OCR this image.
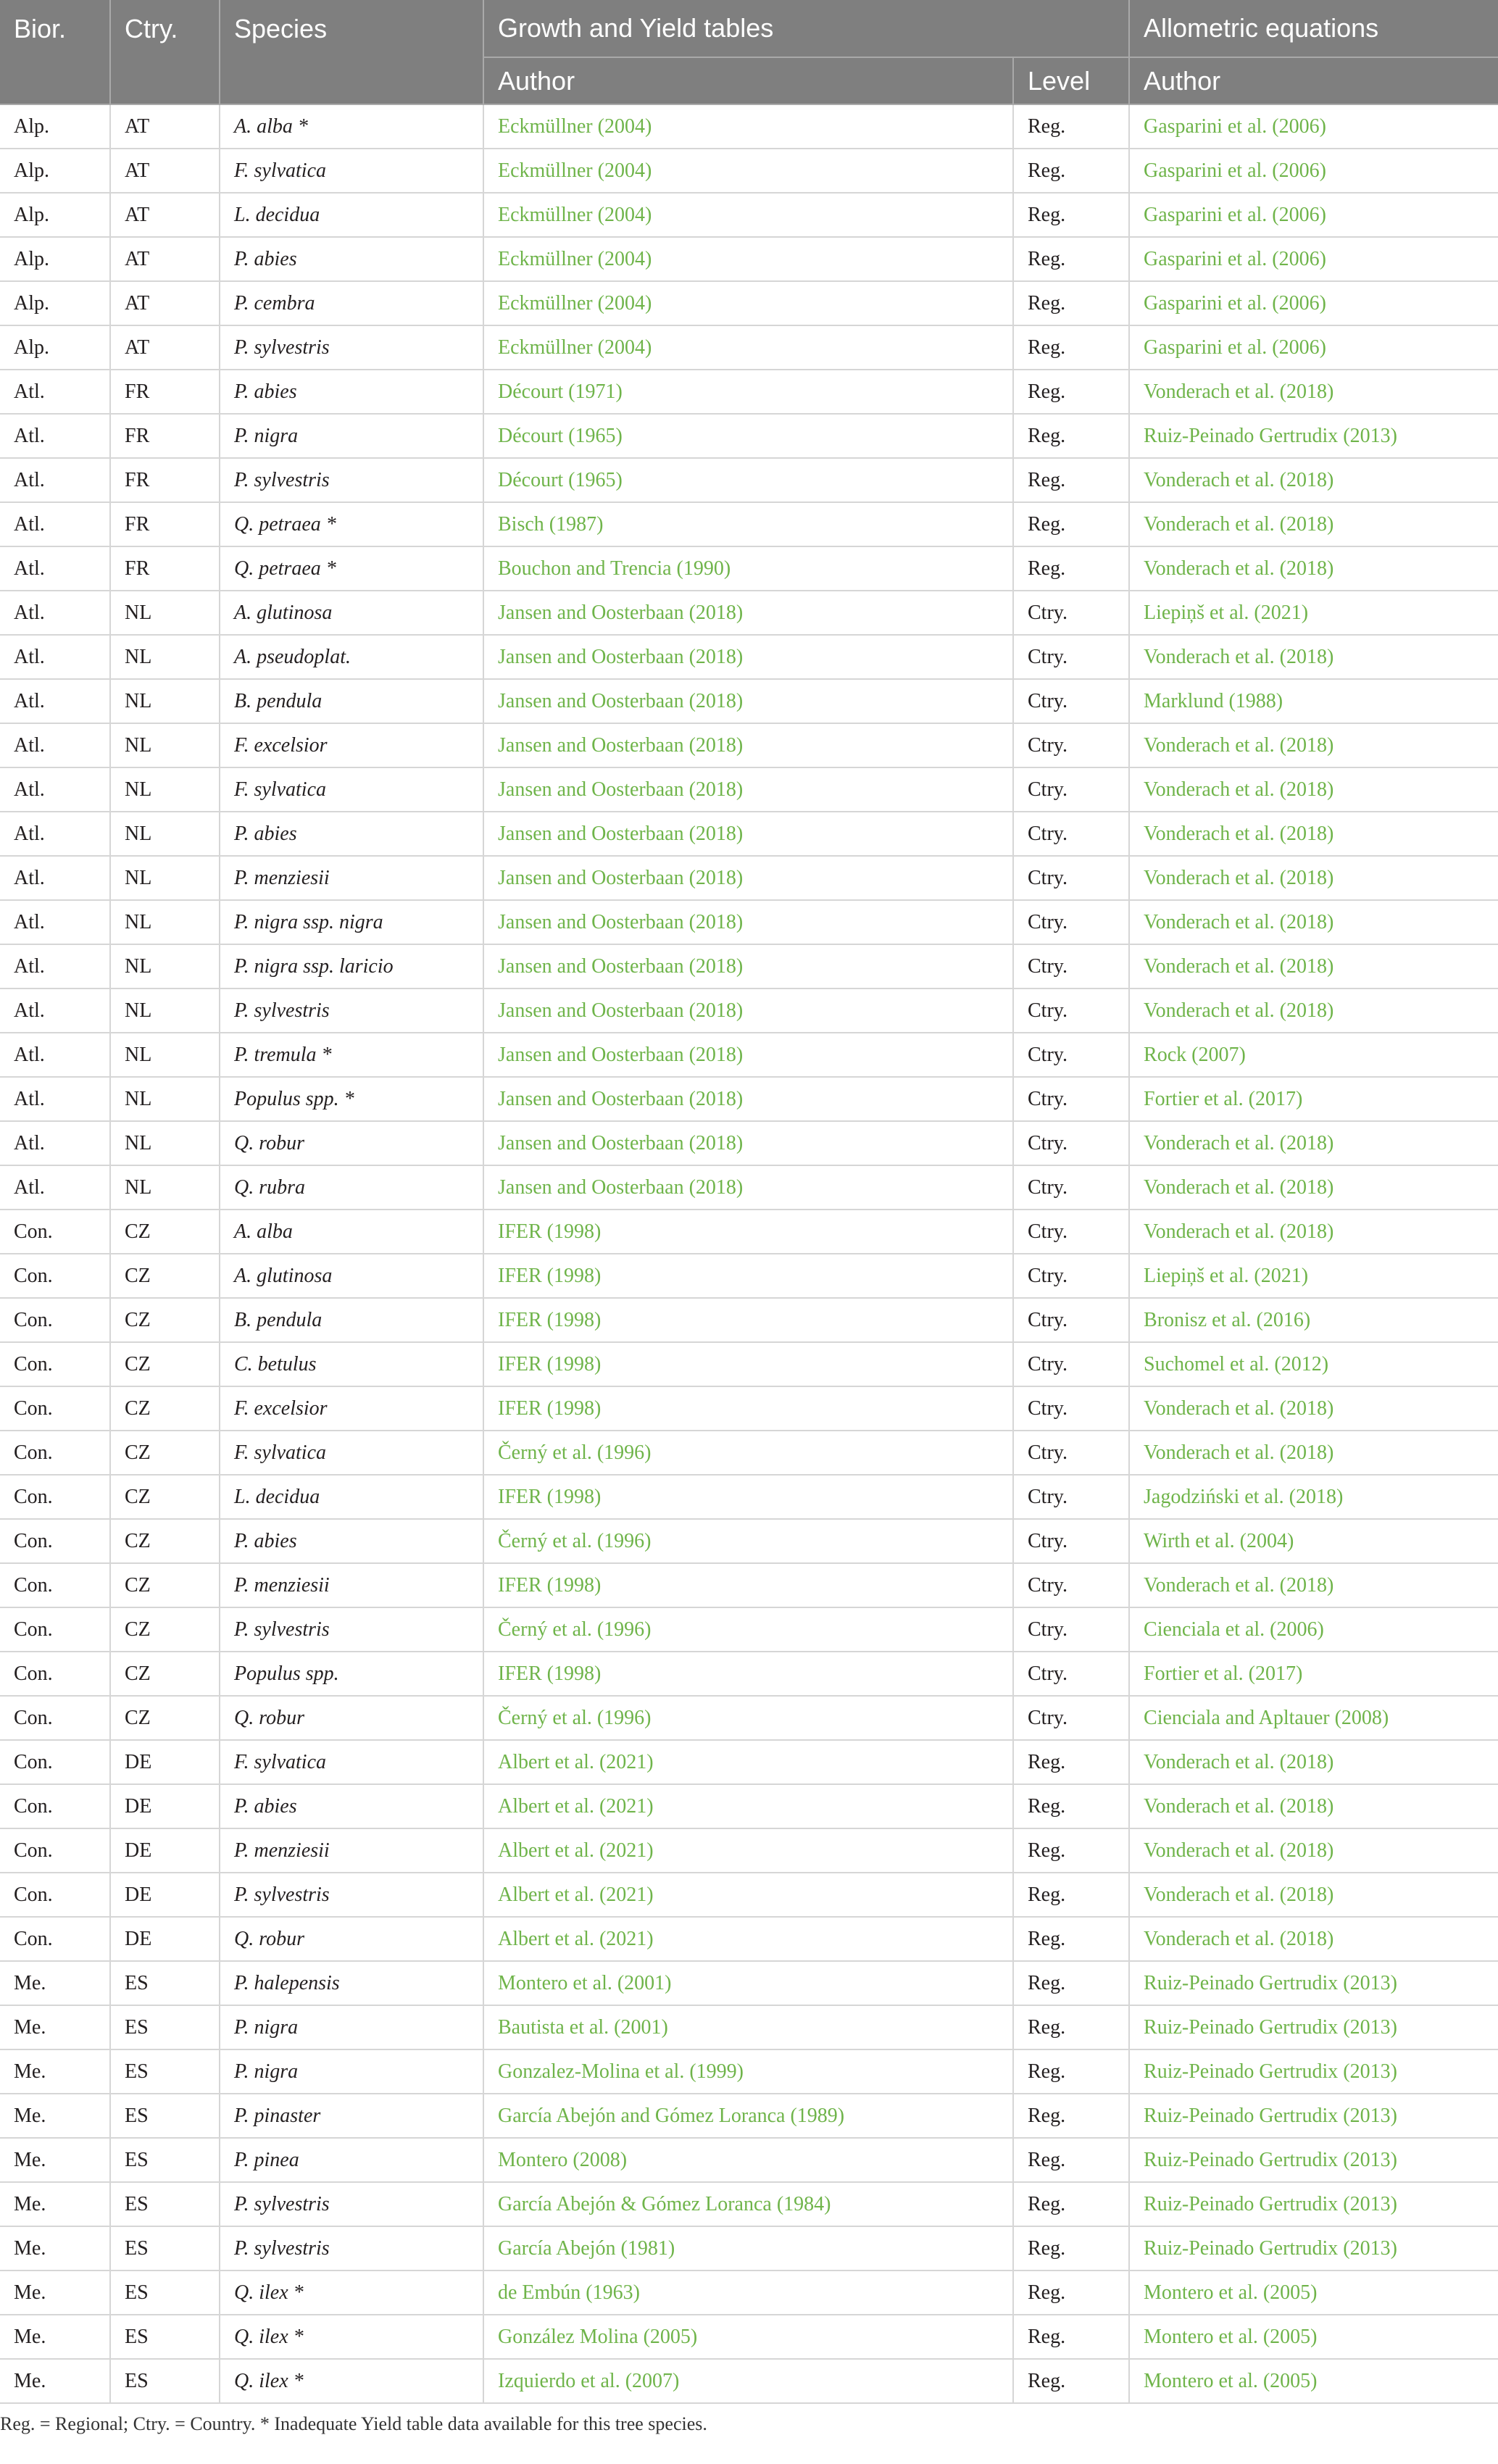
Bior.	Ctry.	Species	Growth and Yield tables		Allometric equations
			Author	Level	Author
Alp.	AT	A. alba *	Eckmüllner (2004)	Reg.	Gasparini et al. (2006)
Alp.	AT	F. sylvatica	Eckmüllner (2004)	Reg.	Gasparini et al. (2006)
Alp.	AT	L. decidua	Eckmüllner (2004)	Reg.	Gasparini et al. (2006)
Alp.	AT	P. abies	Eckmüllner (2004)	Reg.	Gasparini et al. (2006)
Alp.	AT	P. cembra	Eckmüllner (2004)	Reg.	Gasparini et al. (2006)
Alp.	AT	P. sylvestris	Eckmüllner (2004)	Reg.	Gasparini et al. (2006)
Atl.	FR	P. abies	Décourt (1971)	Reg.	Vonderach et al. (2018)
Atl.	FR	P. nigra	Décourt (1965)	Reg.	Ruiz-Peinado Gertrudix (2013)
Atl.	FR	P. sylvestris	Décourt (1965)	Reg.	Vonderach et al. (2018)
Atl.	FR	Q. petraea *	Bisch (1987)	Reg.	Vonderach et al. (2018)
Atl.	FR	Q. petraea *	Bouchon and Trencia (1990)	Reg.	Vonderach et al. (2018)
Atl.	NL	A. glutinosa	Jansen and Oosterbaan (2018)	Ctry.	Liepiņš et al. (2021)
Atl.	NL	A. pseudoplat.	Jansen and Oosterbaan (2018)	Ctry.	Vonderach et al. (2018)
Atl.	NL	B. pendula	Jansen and Oosterbaan (2018)	Ctry.	Marklund (1988)
Atl.	NL	F. excelsior	Jansen and Oosterbaan (2018)	Ctry.	Vonderach et al. (2018)
Atl.	NL	F. sylvatica	Jansen and Oosterbaan (2018)	Ctry.	Vonderach et al. (2018)
Atl.	NL	P. abies	Jansen and Oosterbaan (2018)	Ctry.	Vonderach et al. (2018)
Atl.	NL	P. menziesii	Jansen and Oosterbaan (2018)	Ctry.	Vonderach et al. (2018)
Atl.	NL	P. nigra ssp. nigra	Jansen and Oosterbaan (2018)	Ctry.	Vonderach et al. (2018)
Atl.	NL	P. nigra ssp. laricio	Jansen and Oosterbaan (2018)	Ctry.	Vonderach et al. (2018)
Atl.	NL	P. sylvestris	Jansen and Oosterbaan (2018)	Ctry.	Vonderach et al. (2018)
Atl.	NL	P. tremula *	Jansen and Oosterbaan (2018)	Ctry.	Rock (2007)
Atl.	NL	Populus spp. *	Jansen and Oosterbaan (2018)	Ctry.	Fortier et al. (2017)
Atl.	NL	Q. robur	Jansen and Oosterbaan (2018)	Ctry.	Vonderach et al. (2018)
Atl.	NL	Q. rubra	Jansen and Oosterbaan (2018)	Ctry.	Vonderach et al. (2018)
Con.	CZ	A. alba	IFER (1998)	Ctry.	Vonderach et al. (2018)
Con.	CZ	A. glutinosa	IFER (1998)	Ctry.	Liepiņš et al. (2021)
Con.	CZ	B. pendula	IFER (1998)	Ctry.	Bronisz et al. (2016)
Con.	CZ	C. betulus	IFER (1998)	Ctry.	Suchomel et al. (2012)
Con.	CZ	F. excelsior	IFER (1998)	Ctry.	Vonderach et al. (2018)
Con.	CZ	F. sylvatica	Černý et al. (1996)	Ctry.	Vonderach et al. (2018)
Con.	CZ	L. decidua	IFER (1998)	Ctry.	Jagodziński et al. (2018)
Con.	CZ	P. abies	Černý et al. (1996)	Ctry.	Wirth et al. (2004)
Con.	CZ	P. menziesii	IFER (1998)	Ctry.	Vonderach et al. (2018)
Con.	CZ	P. sylvestris	Černý et al. (1996)	Ctry.	Cienciala et al. (2006)
Con.	CZ	Populus spp.	IFER (1998)	Ctry.	Fortier et al. (2017)
Con.	CZ	Q. robur	Černý et al. (1996)	Ctry.	Cienciala and Apltauer (2008)
Con.	DE	F. sylvatica	Albert et al. (2021)	Reg.	Vonderach et al. (2018)
Con.	DE	P. abies	Albert et al. (2021)	Reg.	Vonderach et al. (2018)
Con.	DE	P. menziesii	Albert et al. (2021)	Reg.	Vonderach et al. (2018)
Con.	DE	P. sylvestris	Albert et al. (2021)	Reg.	Vonderach et al. (2018)
Con.	DE	Q. robur	Albert et al. (2021)	Reg.	Vonderach et al. (2018)
Me.	ES	P. halepensis	Montero et al. (2001)	Reg.	Ruiz-Peinado Gertrudix (2013)
Me.	ES	P. nigra	Bautista et al. (2001)	Reg.	Ruiz-Peinado Gertrudix (2013)
Me.	ES	P. nigra	Gonzalez-Molina et al. (1999)	Reg.	Ruiz-Peinado Gertrudix (2013)
Me.	ES	P. pinaster	García Abejón and Gómez Loranca (1989)	Reg.	Ruiz-Peinado Gertrudix (2013)
Me.	ES	P. pinea	Montero (2008)	Reg.	Ruiz-Peinado Gertrudix (2013)
Me.	ES	P. sylvestris	García Abejón & Gómez Loranca (1984)	Reg.	Ruiz-Peinado Gertrudix (2013)
Me.	ES	P. sylvestris	García Abejón (1981)	Reg.	Ruiz-Peinado Gertrudix (2013)
Me.	ES	Q. ilex *	de Embún (1963)	Reg.	Montero et al. (2005)
Me.	ES	Q. ilex *	González Molina (2005)	Reg.	Montero et al. (2005)
Me.	ES	Q. ilex *	Izquierdo et al. (2007)	Reg.	Montero et al. (2005)
Reg. = Regional; Ctry. = Country. * Inadequate Yield table data available for this tree species.
